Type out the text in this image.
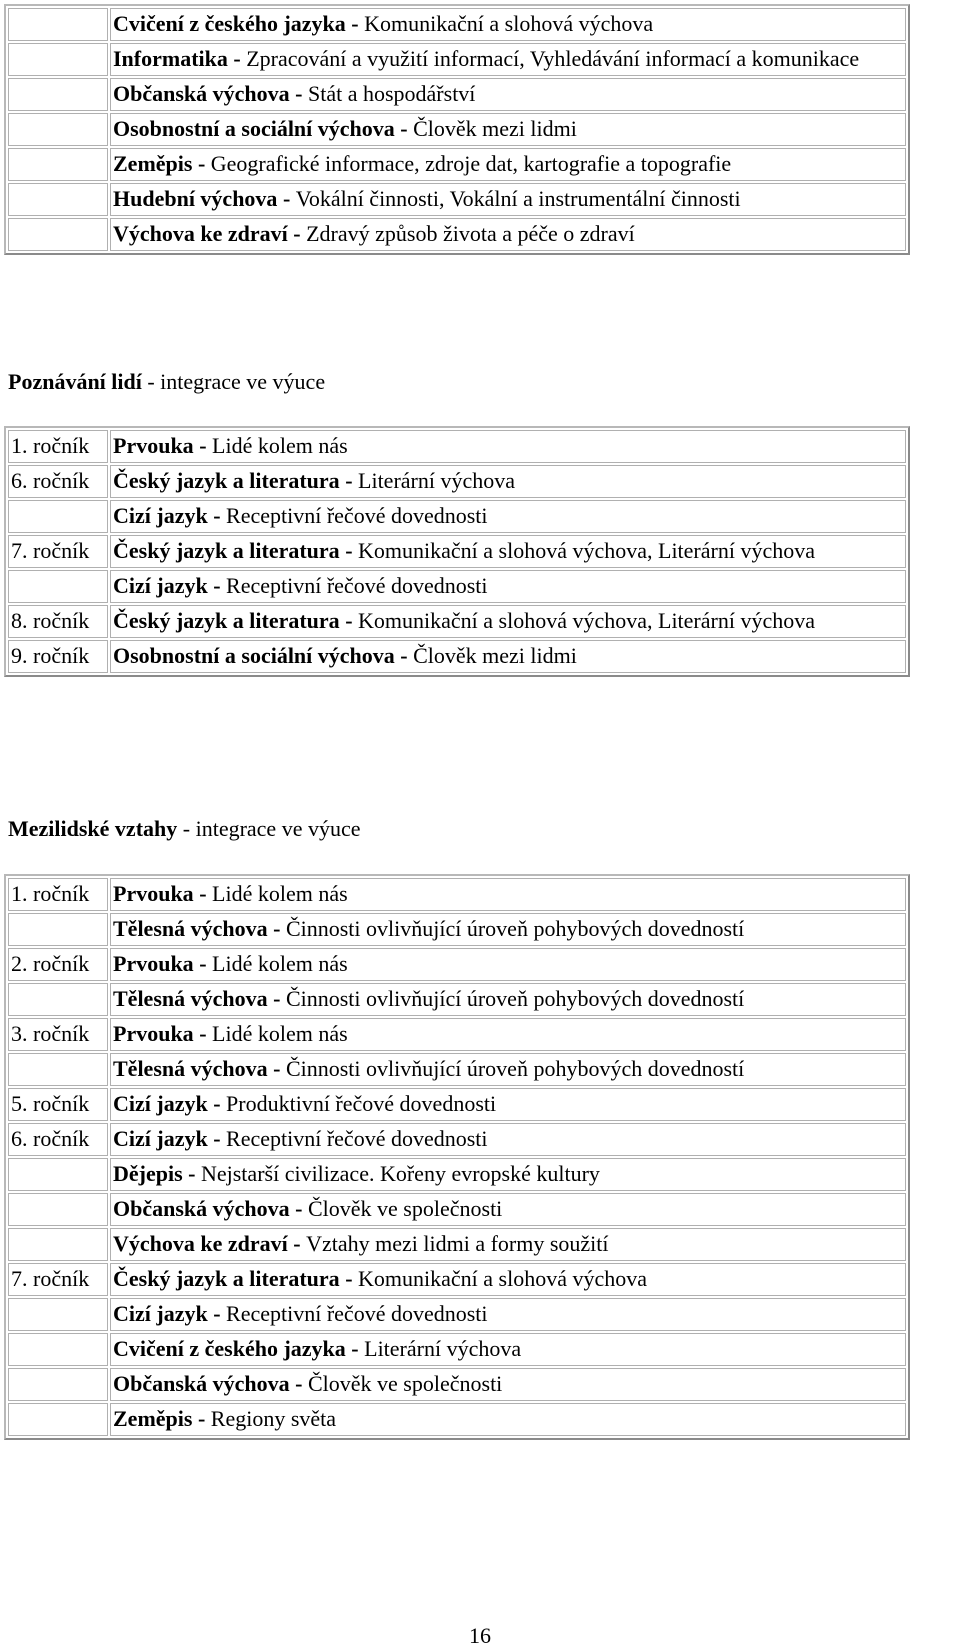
	Cvičení z českého jazyka - Komunikační a slohová výchova
	Informatika - Zpracování a využití informací, Vyhledávání informací a komunikace
	Občanská výchova - Stát a hospodářství
	Osobnostní a sociální výchova - Člověk mezi lidmi
	Zeměpis - Geografické informace, zdroje dat, kartografie a topografie
	Hudební výchova - Vokální činnosti, Vokální a instrumentální činnosti
	Výchova ke zdraví - Zdravý způsob života a péče o zdraví
Poznávání lidí - integrace ve výuce
1. ročník	Prvouka - Lidé kolem nás
6. ročník	Český jazyk a literatura - Literární výchova
	Cizí jazyk - Receptivní řečové dovednosti
7. ročník	Český jazyk a literatura - Komunikační a slohová výchova, Literární výchova
	Cizí jazyk - Receptivní řečové dovednosti
8. ročník	Český jazyk a literatura - Komunikační a slohová výchova, Literární výchova
9. ročník	Osobnostní a sociální výchova - Člověk mezi lidmi
Mezilidské vztahy - integrace ve výuce
1. ročník	Prvouka - Lidé kolem nás
	Tělesná výchova - Činnosti ovlivňující úroveň pohybových dovedností
2. ročník	Prvouka - Lidé kolem nás
	Tělesná výchova - Činnosti ovlivňující úroveň pohybových dovedností
3. ročník	Prvouka - Lidé kolem nás
	Tělesná výchova - Činnosti ovlivňující úroveň pohybových dovedností
5. ročník	Cizí jazyk - Produktivní řečové dovednosti
6. ročník	Cizí jazyk - Receptivní řečové dovednosti
	Dějepis - Nejstarší civilizace. Kořeny evropské kultury
	Občanská výchova - Člověk ve společnosti
	Výchova ke zdraví - Vztahy mezi lidmi a formy soužití
7. ročník	Český jazyk a literatura - Komunikační a slohová výchova
	Cizí jazyk - Receptivní řečové dovednosti
	Cvičení z českého jazyka - Literární výchova
	Občanská výchova - Člověk ve společnosti
	Zeměpis - Regiony světa
16
